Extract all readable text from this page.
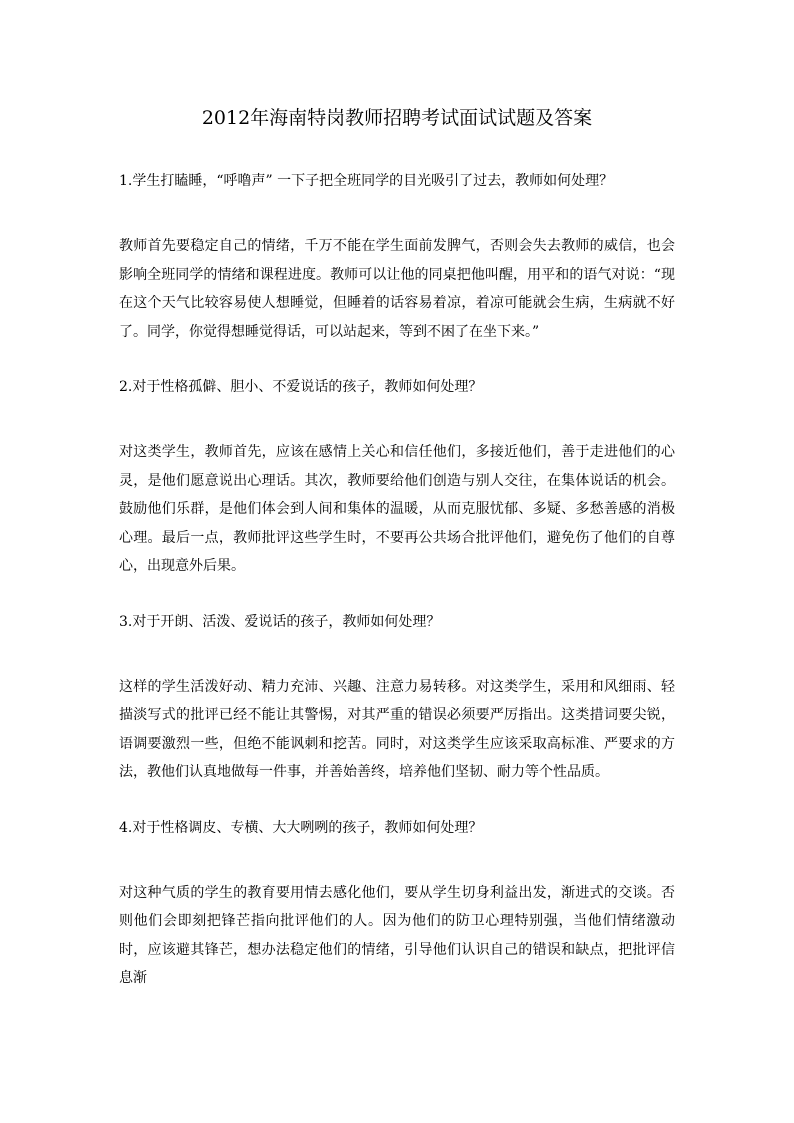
2012年海南特岗教师招聘考试面试试题及答案

1.学生打瞌睡，“呼噜声” 一下子把全班同学的目光吸引了过去，教师如何处理？

教师首先要稳定自己的情绪，千万不能在学生面前发脾气，否则会失去教师的威信，也会影响全班同学的情绪和课程进度。教师可以让他的同桌把他叫醒，用平和的语气对说：“现在这个天气比较容易使人想睡觉，但睡着的话容易着凉，着凉可能就会生病，生病就不好了。同学，你觉得想睡觉得话，可以站起来，等到不困了在坐下来。”

2.对于性格孤僻、胆小、不爱说话的孩子，教师如何处理？

对这类学生，教师首先，应该在感情上关心和信任他们，多接近他们，善于走进他们的心灵，是他们愿意说出心理话。其次，教师要给他们创造与别人交往，在集体说话的机会。鼓励他们乐群，是他们体会到人间和集体的温暖，从而克服忧郁、多疑、多愁善感的消极心理。最后一点，教师批评这些学生时，不要再公共场合批评他们，避免伤了他们的自尊心，出现意外后果。

3.对于开朗、活泼、爱说话的孩子，教师如何处理？

这样的学生活泼好动、精力充沛、兴趣、注意力易转移。对这类学生，采用和风细雨、轻描淡写式的批评已经不能让其警惕，对其严重的错误必须要严厉指出。这类措词要尖锐，语调要激烈一些，但绝不能讽刺和挖苦。同时，对这类学生应该采取高标准、严要求的方法，教他们认真地做每一件事，并善始善终，培养他们坚韧、耐力等个性品质。

4.对于性格调皮、专横、大大咧咧的孩子，教师如何处理？

对这种气质的学生的教育要用情去感化他们，要从学生切身利益出发，渐进式的交谈。否则他们会即刻把锋芒指向批评他们的人。因为他们的防卫心理特别强，当他们情绪激动时，应该避其锋芒，想办法稳定他们的情绪，引导他们认识自己的错误和缺点，把批评信息渐
